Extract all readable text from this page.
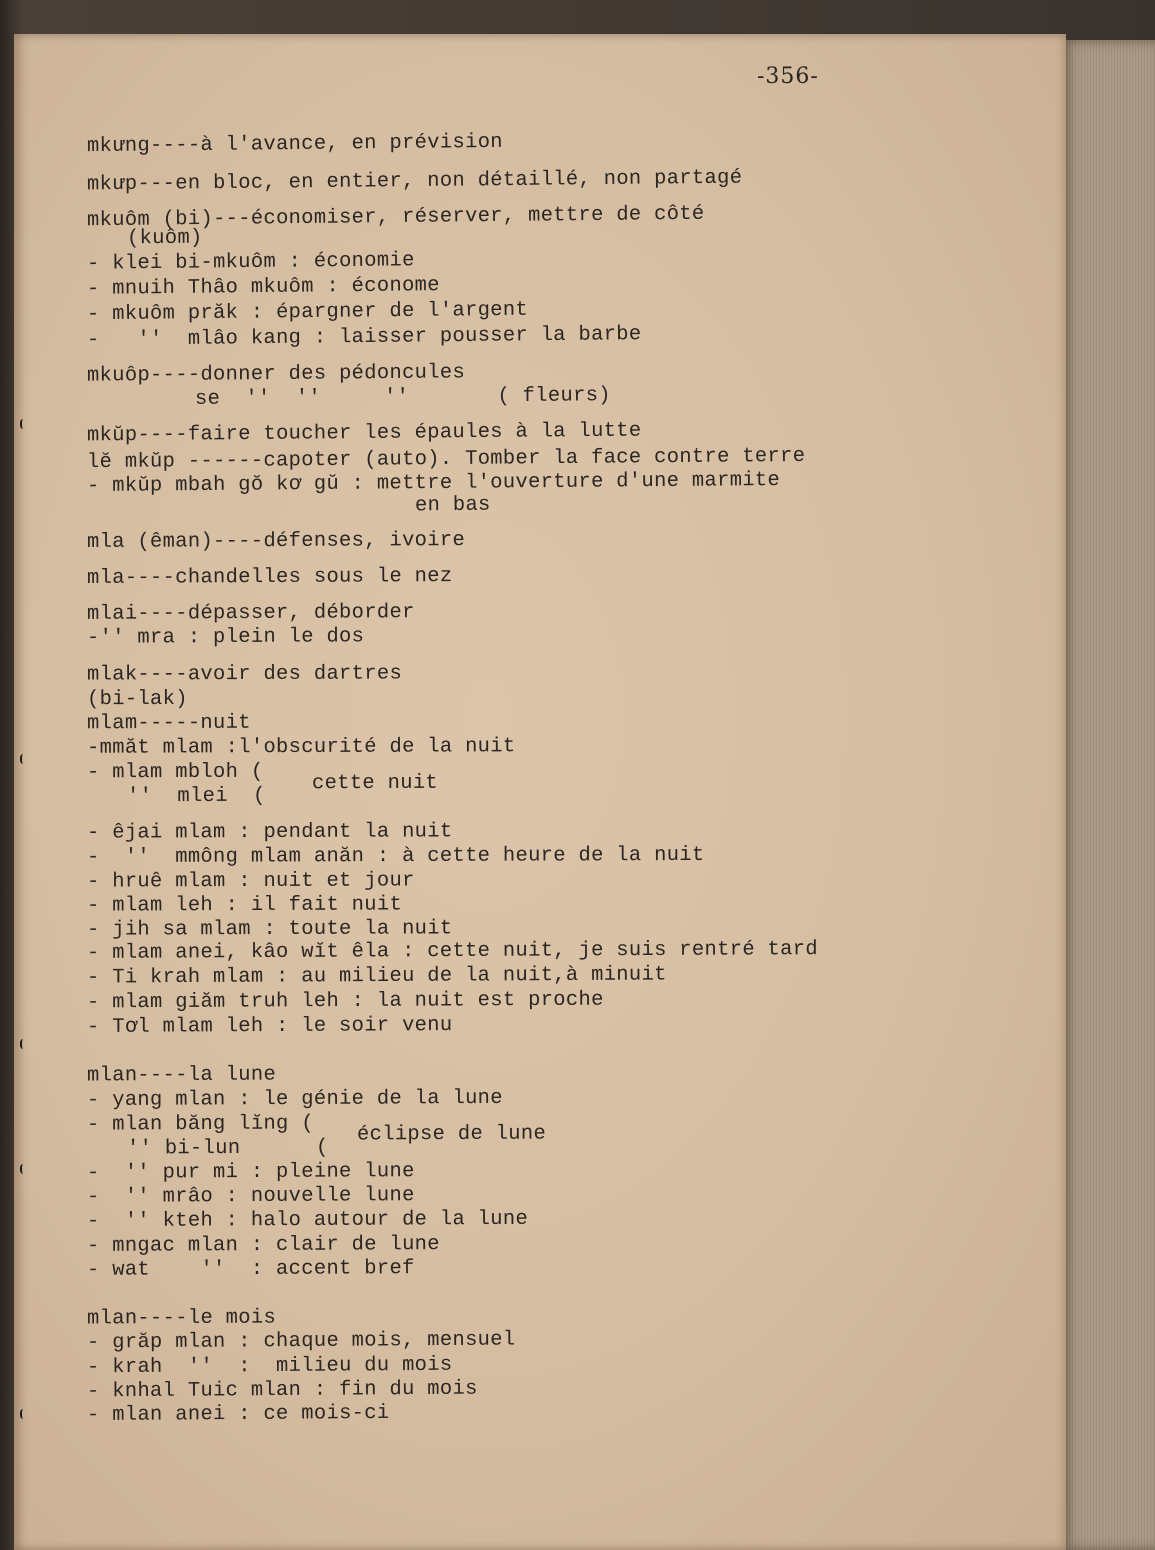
-356-
mkưng----à l'avance, en prévision
mkưp---en bloc, en entier, non détaillé, non partagé
mkuôm (bi)---économiser, réserver, mettre de côté
(kuôm)
- klei bi-mkuôm : économie
- mnuih Thâo mkuôm : économe
- mkuôm prăk : épargner de l'argent
-   ''  mlâo kang : laisser pousser la barbe
mkuôp----donner des pédoncules
se  ''  ''     ''       ( fleurs)
mkŭp----faire toucher les épaules à la lutte
lĕ mkŭp ------capoter (auto). Tomber la face contre terre
- mkŭp mbah gŏ kơ gŭ : mettre l'ouverture d'une marmite
en bas
mla (êman)----défenses, ivoire
mla----chandelles sous le nez
mlai----dépasser, déborder
-'' mra : plein le dos
mlak----avoir des dartres
(bi-lak)
mlam-----nuit
-mmăt mlam :l'obscurité de la nuit
- mlam mbloh ( cette nuit
''  mlei  (
- êjai mlam : pendant la nuit
-  ''  mmông mlam anăn : à cette heure de la nuit
- hruê mlam : nuit et jour
- mlam leh : il fait nuit
- jih sa mlam : toute la nuit
- mlam anei, kâo wĭt êla : cette nuit, je suis rentré tard
- Ti krah mlam : au milieu de la nuit,à minuit
- mlam giăm truh leh : la nuit est proche
- Tơl mlam leh : le soir venu
mlan----la lune
- yang mlan : le génie de la lune
- mlan băng lĭng ( éclipse de lune
'' bi-lun      (
-  '' pur mi : pleine lune
-  '' mrâo : nouvelle lune
-  '' kteh : halo autour de la lune
- mngac mlan : clair de lune
- wat    ''  : accent bref
mlan----le mois
- grăp mlan : chaque mois, mensuel
- krah  ''  :  milieu du mois
- knhal Tuic mlan : fin du mois
- mlan anei : ce mois-ci
